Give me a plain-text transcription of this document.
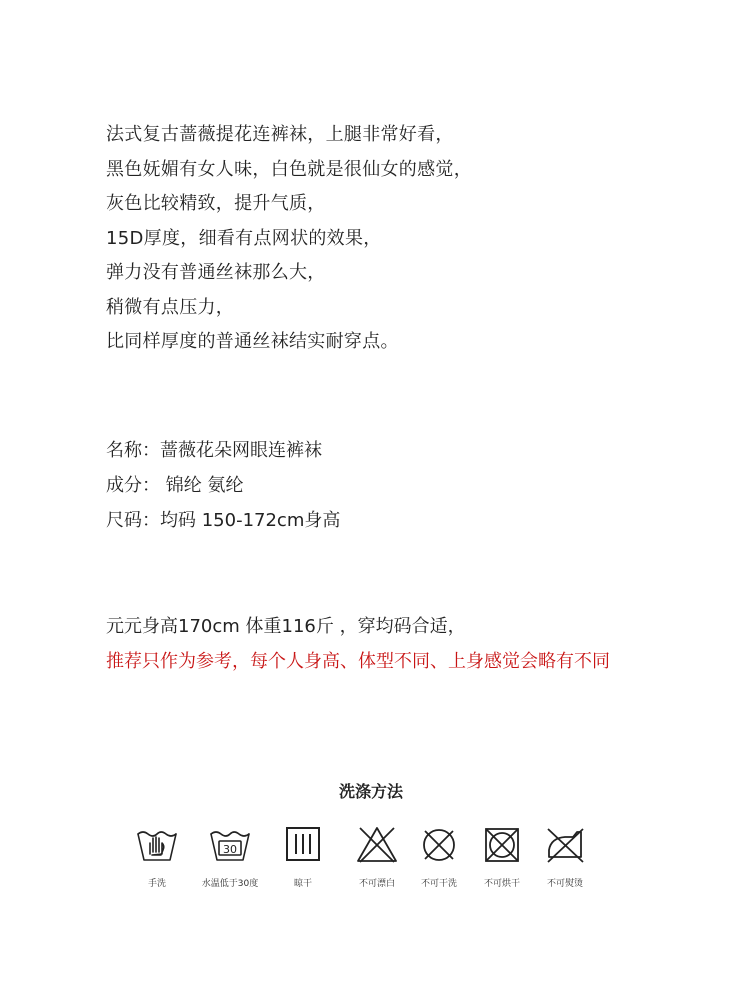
法式复古蔷薇提花连裤袜，上腿非常好看，

黑色妩媚有女人味，白色就是很仙女的感觉，

灰色比较精致，提升气质，

15D厚度，细看有点网状的效果，

弹力没有普通丝袜那么大，

稍微有点压力，

比同样厚度的普通丝袜结实耐穿点。

名称：蔷薇花朵网眼连裤袜

成分： 锦纶 氨纶

尺码：均码 150-172cm身高

元元身高170cm 体重116斤 ，穿均码合适，

推荐只作为参考，每个人身高、体型不同、上身感觉会略有不同

洗涤方法
手洗
30
水温低于30度	晾干	不可漂白	不可干洗	不可烘干	不可熨烫
